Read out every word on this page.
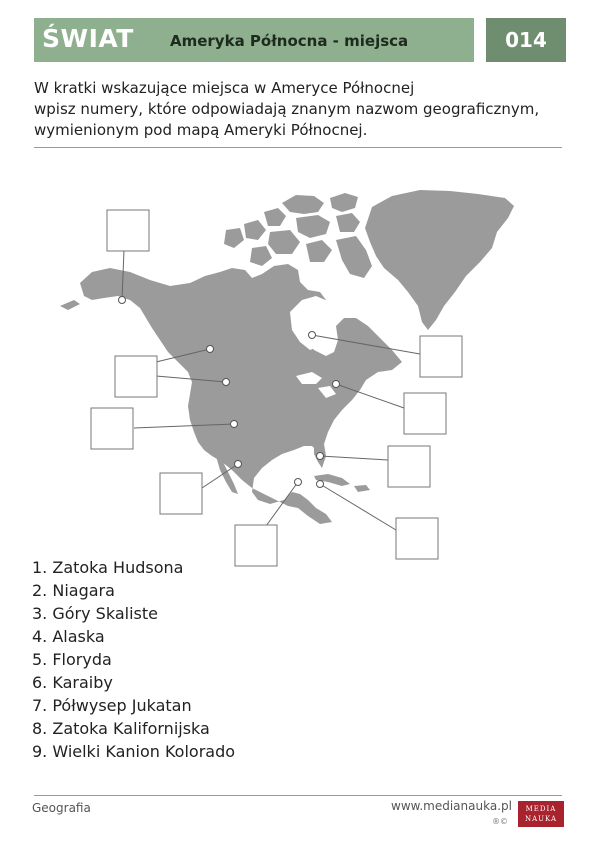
ŚWIAT Ameryka Północna - miejsca	014
W kratki wskazujące miejsca w Ameryce Północnej
wpisz numery, które odpowiadają znanym nazwom geograficznym,
wymienionym pod mapą Ameryki Północnej.
1. Zatoka Hudsona
2. Niagara
3. Góry Skaliste
4. Alaska
5. Floryda
6. Karaiby
7. Półwysep Jukatan
8. Zatoka Kalifornijska
9. Wielki Kanion Kolorado
Geografia	www.medianauka.pl
®©
MEDIA
NAUKA
